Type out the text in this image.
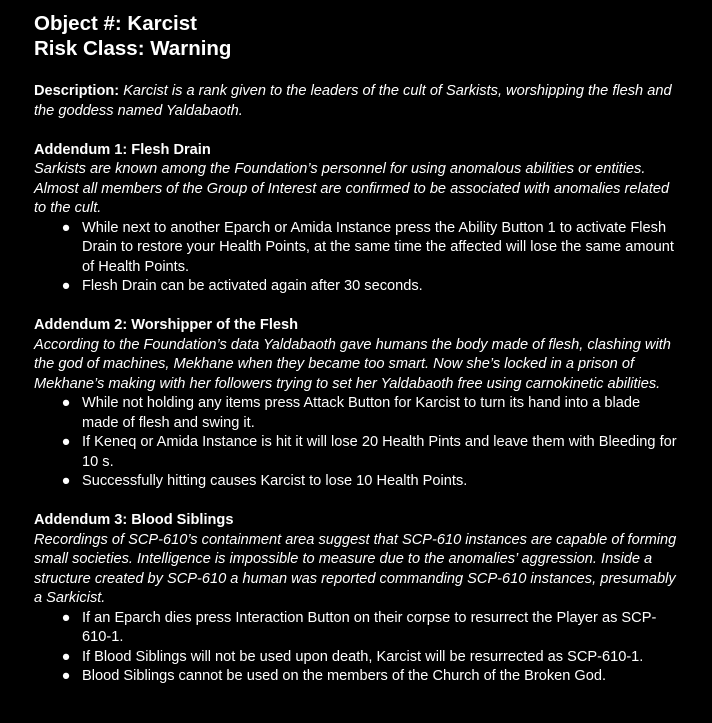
Object #: Karcist

Risk Class: Warning

Description: Karcist is a rank given to the leaders of the cult of Sarkists, worshipping the flesh and the goddess named Yaldabaoth.
Addendum 1: Flesh Drain
Sarkists are known among the Foundation’s personnel for using anomalous abilities or entities. Almost all members of the Group of Interest are confirmed to be associated with anomalies related to the cult.
● While next to another Eparch or Amida Instance press the Ability Button 1 to activate Flesh Drain to restore your Health Points, at the same time the affected will lose the same amount of Health Points.
● Flesh Drain can be activated again after 30 seconds.
Addendum 2: Worshipper of the Flesh
According to the Foundation’s data Yaldabaoth gave humans the body made of flesh, clashing with the god of machines, Mekhane when they became too smart. Now she’s locked in a prison of Mekhane’s making with her followers trying to set her Yaldabaoth free using carnokinetic abilities.
● While not holding any items press Attack Button for Karcist to turn its hand into a blade made of flesh and swing it.
● If Keneq or Amida Instance is hit it will lose 20 Health Pints and leave them with Bleeding for 10 s.
● Successfully hitting causes Karcist to lose 10 Health Points.
Addendum 3: Blood Siblings
Recordings of SCP-610’s containment area suggest that SCP-610 instances are capable of forming small societies. Intelligence is impossible to measure due to the anomalies’ aggression. Inside a structure created by SCP-610 a human was reported commanding SCP-610 instances, presumably a Sarkicist.
● If an Eparch dies press Interaction Button on their corpse to resurrect the Player as SCP-610-1.
● If Blood Siblings will not be used upon death, Karcist will be resurrected as SCP-610-1.
● Blood Siblings cannot be used on the members of the Church of the Broken God.
